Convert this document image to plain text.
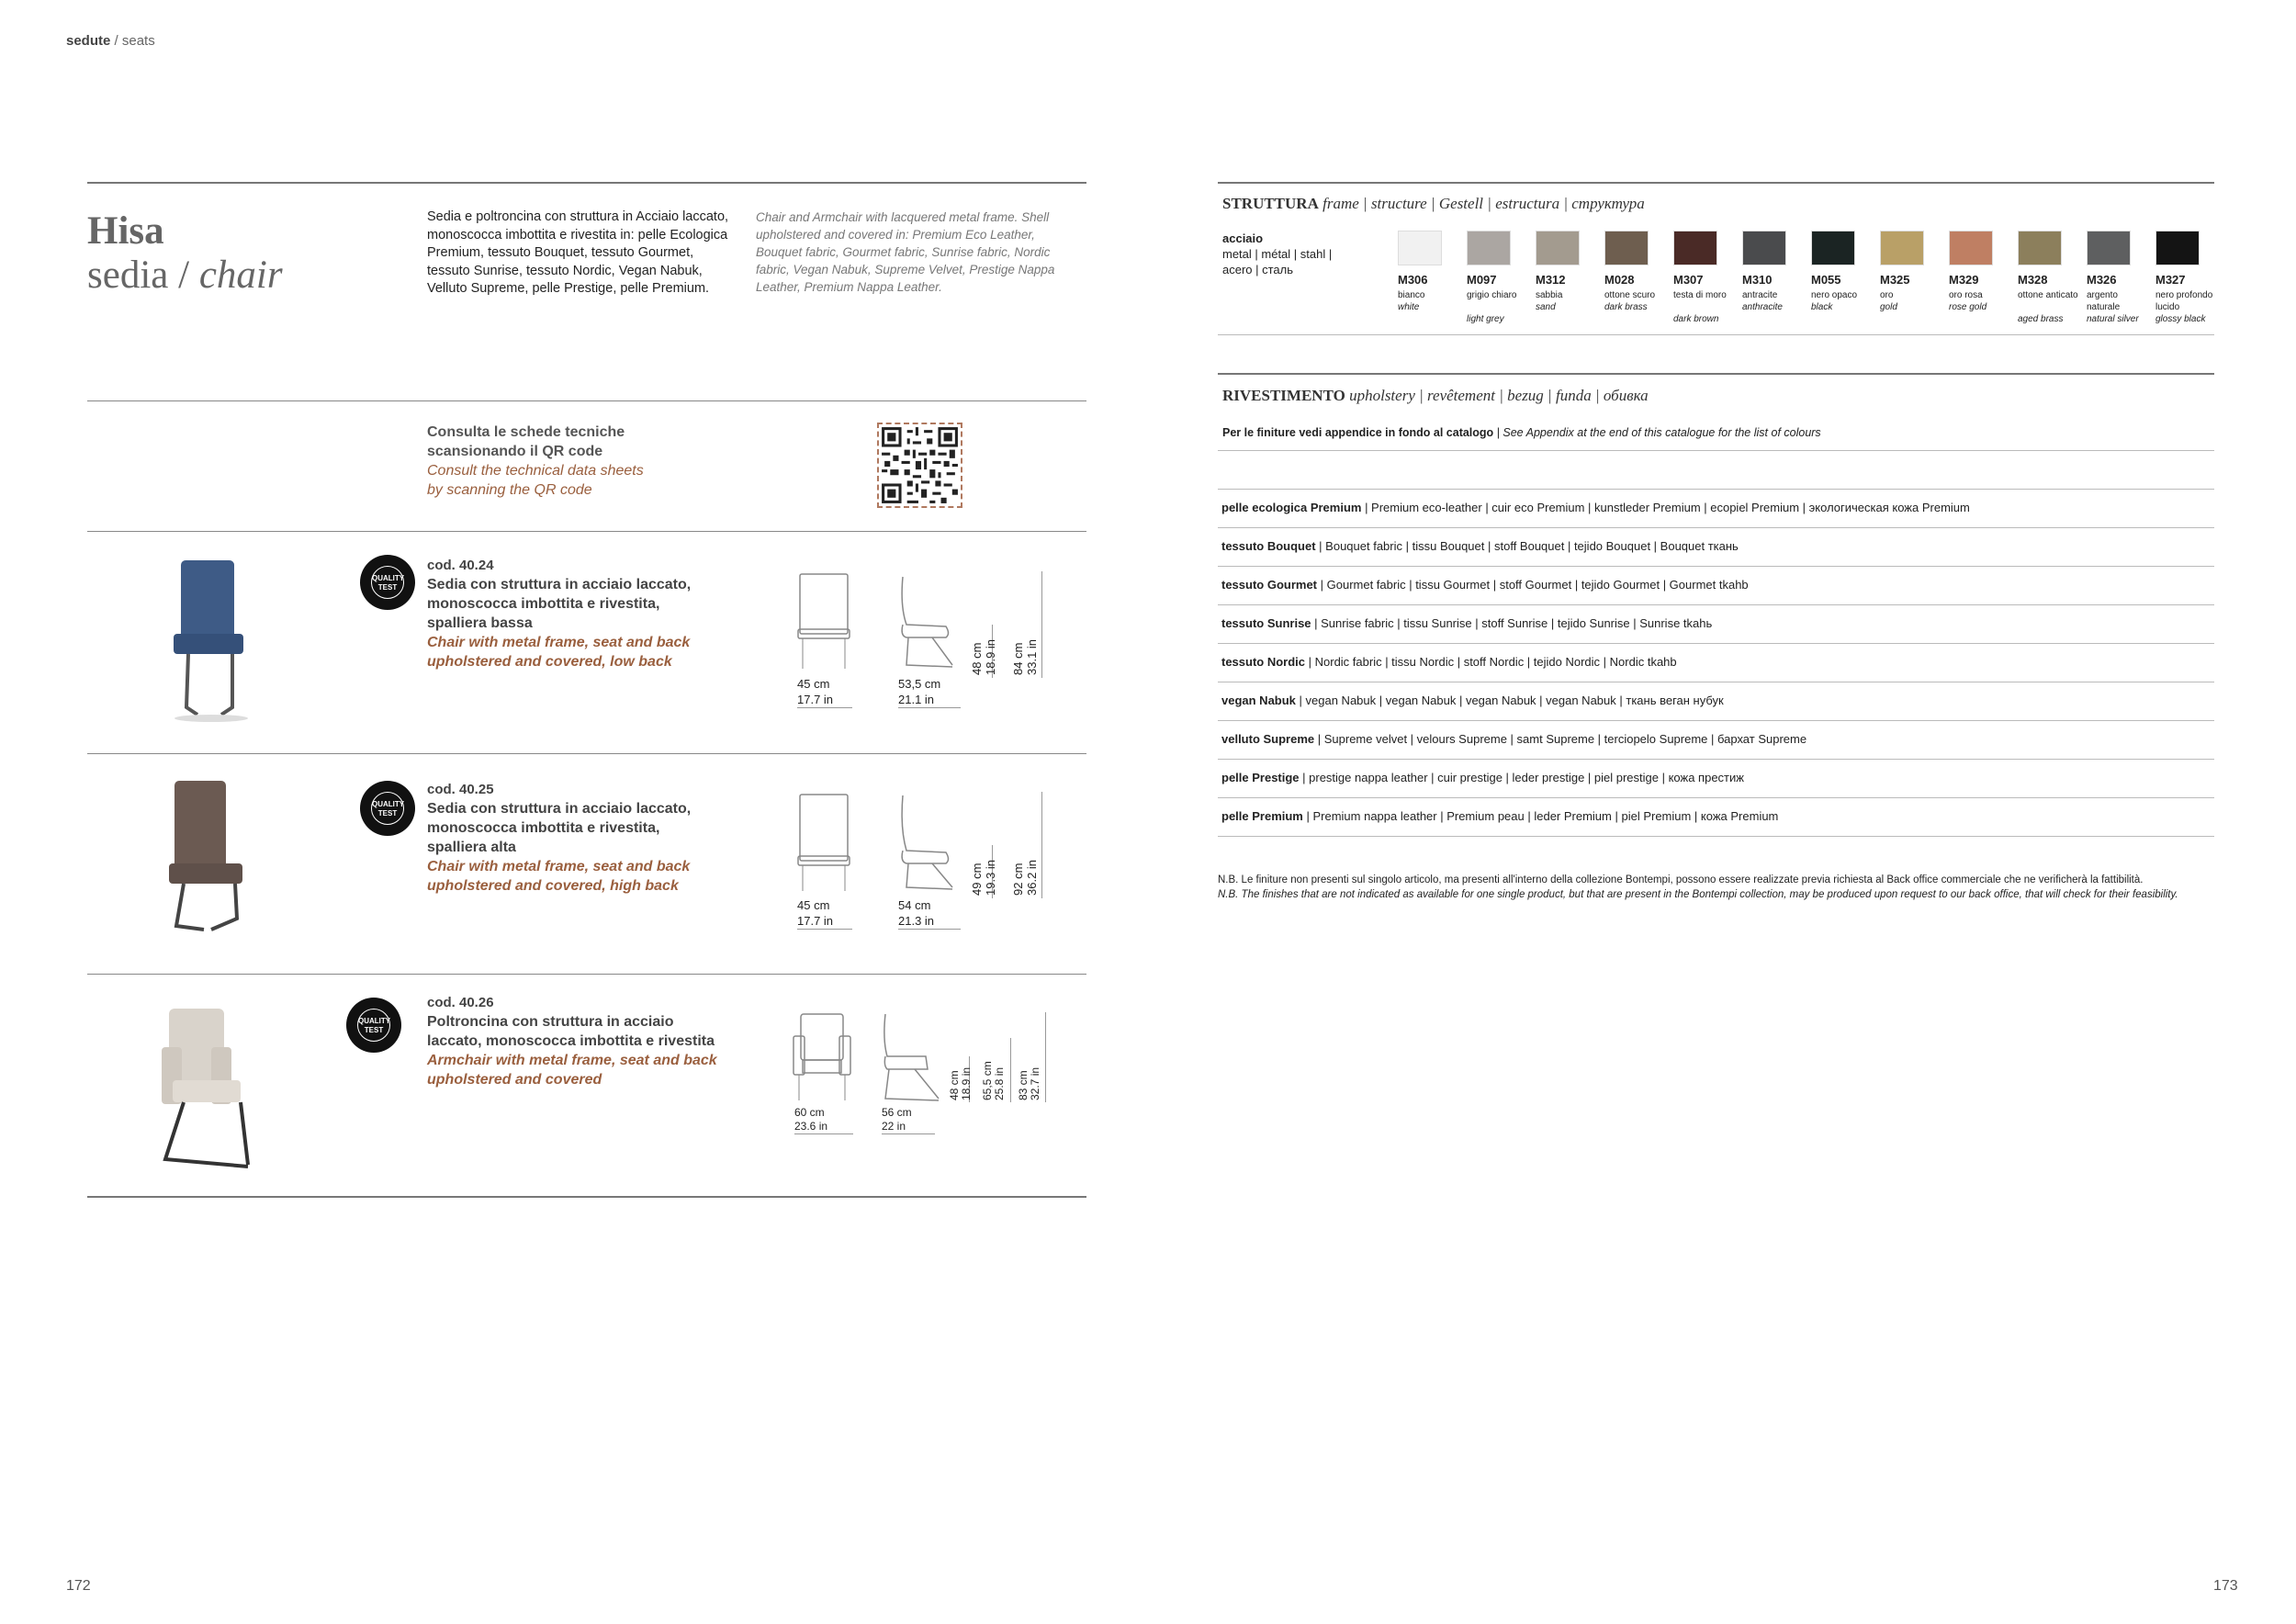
sedute / seats
Hisa
sedia / chair
Sedia e poltroncina con struttura in Acciaio laccato, monoscocca imbottita e rivestita in: pelle Ecologica Premium, tessuto Bouquet, tessuto Gourmet, tessuto Sunrise, tessuto Nordic, Vegan Nabuk, Velluto Supreme, pelle Prestige, pelle Premium.
Chair and Armchair with lacquered metal frame. Shell upholstered and covered in: Premium Eco Leather, Bouquet fabric, Gourmet fabric, Sunrise fabric, Nordic fabric, Vegan Nabuk, Supreme Velvet, Prestige Nappa Leather, Premium Nappa Leather.
Consulta le schede tecniche
scansionando il QR code
Consult the technical data sheets
by scanning the QR code
QUALITY TEST
cod. 40.24
Sedia con struttura in acciaio laccato,
monoscocca imbottita e rivestita,
spalliera bassa
Chair with metal frame, seat and back
upholstered and covered, low back
45 cm
17.7 in
53,5 cm
21.1 in
48 cm 18.9 in 84 cm 33.1 in
QUALITY TEST
cod. 40.25
Sedia con struttura in acciaio laccato,
monoscocca imbottita e rivestita,
spalliera alta
Chair with metal frame, seat and back
upholstered and covered, high back
45 cm
17.7 in
54 cm
21.3 in
49 cm 19.3 in 92 cm 36.2 in
QUALITY TEST
cod. 40.26
Poltroncina con struttura in acciaio
laccato, monoscocca imbottita e rivestita
Armchair with metal frame, seat and back
upholstered and covered
60 cm
23.6 in
56 cm
22 in
48 cm 18.9 in 65,5 cm 25.8 in 83 cm 32.7 in
172
STRUTTURA frame | structure | Gestell | estructura | структура
acciaio
metal | métal | stahl |
acero | сталь
M306
bianco
white
M097
grigio chiaro
light grey
M312
sabbia
sand
M028
ottone scuro
dark brass
M307
testa di moro
dark brown
M310
antracite
anthracite
M055
nero opaco
black
M325
oro
gold
M329
oro rosa
rose gold
M328
ottone anticato
aged brass
M326
argento naturale
natural silver
M327
nero profondo lucido
glossy black
RIVESTIMENTO upholstery | revêtement | bezug | funda | обивка
Per le finiture vedi appendice in fondo al catalogo | See Appendix at the end of this catalogue for the list of colours
pelle ecologica Premium | Premium eco-leather | cuir eco Premium | kunstleder Premium | ecopiel Premium | экологическая кожа Premium
tessuto Bouquet | Bouquet fabric | tissu Bouquet | stoff Bouquet | tejido Bouquet | Bouquet ткань
tessuto Gourmet | Gourmet fabric | tissu Gourmet | stoff Gourmet | tejido Gourmet | Gourmet tkahb
tessuto Sunrise | Sunrise fabric | tissu Sunrise | stoff Sunrise | tejido Sunrise | Sunrise tkahь
tessuto Nordic | Nordic fabric | tissu Nordic | stoff Nordic | tejido Nordic | Nordic tkahb
vegan Nabuk | vegan Nabuk | vegan Nabuk | vegan Nabuk | vegan Nabuk | ткань веган нубук
velluto Supreme | Supreme velvet | velours Supreme | samt Supreme | terciopelo Supreme | бархат Supreme
pelle Prestige | prestige nappa leather | cuir prestige | leder prestige | piel prestige | кожа престиж
pelle Premium | Premium nappa leather | Premium peau | leder Premium | piel Premium | кожа Premium
N.B. Le finiture non presenti sul singolo articolo, ma presenti all'interno della collezione Bontempi, possono essere realizzate previa richiesta al Back office commerciale che ne verificherà la fattibilità.
N.B. The finishes that are not indicated as available for one single product, but that are present in the Bontempi collection, may be produced upon request to our back office, that will check for their feasibility.
173
